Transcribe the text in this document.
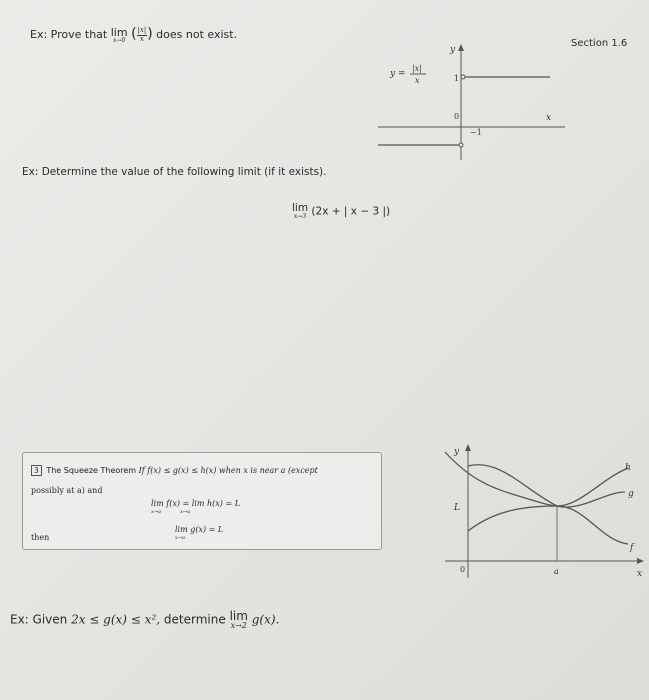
Ex: Prove that lim
x→0 ( $\frac{|x|}{x}$) does not exist.
Section 1.6
y
x
1
0
−1
y =
|x|
x
Ex: Determine the value of the following limit (if it exists).
lim
x→3 (2x + | x − 3 |)
3 The Squeeze Theorem If f(x) ≤ g(x) ≤ h(x) when x is near a (except
possibly at a) and
lim f(x) = lim h(x) = L
x→a            x→a
then
lim g(x) = L
x→a
y
x
L
0	a
h
g
f
Ex: Given 2x ≤ g(x) ≤ x², determine lim
x→2 g(x).
